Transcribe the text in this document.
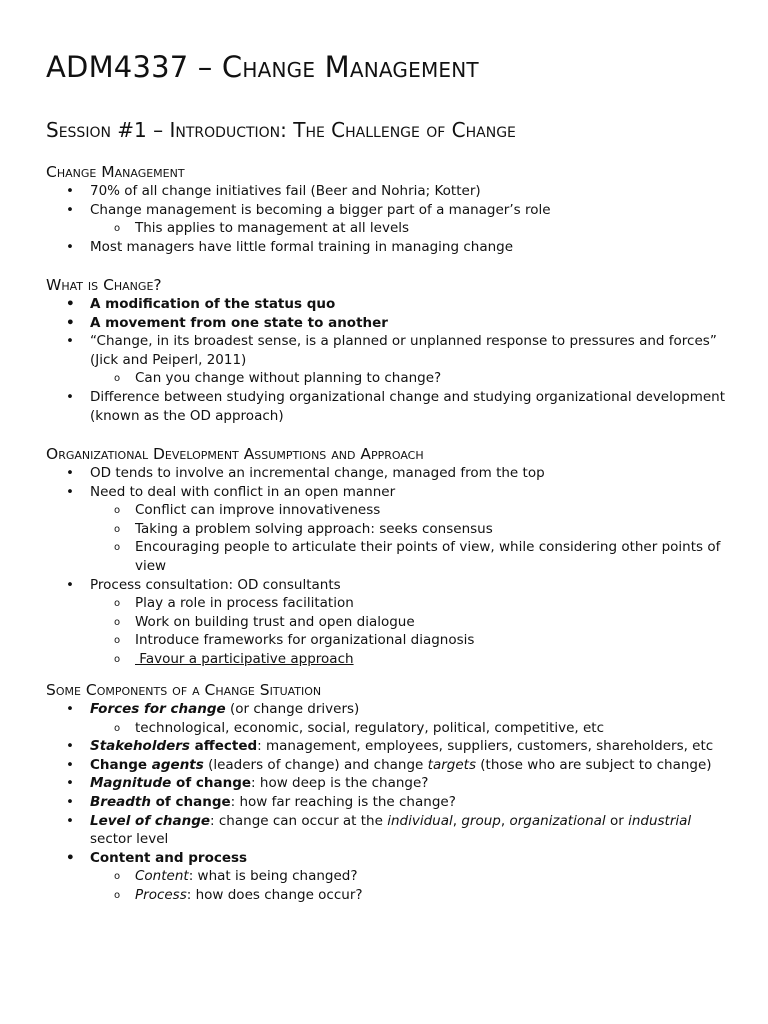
ADM4337 – Change Management
Session #1 – Introduction: The Challenge of Change
Change Management
• 70% of all change initiatives fail (Beer and Nohria; Kotter)
• Change management is becoming a bigger part of a manager’s role
o This applies to management at all levels
• Most managers have little formal training in managing change
What is Change?
• A modification of the status quo
• A movement from one state to another
• “Change, in its broadest sense, is a planned or unplanned response to pressures and forces” (Jick and Peiperl, 2011)
o Can you change without planning to change?
• Difference between studying organizational change and studying organizational development (known as the OD approach)
Organizational Development Assumptions and Approach
• OD tends to involve an incremental change, managed from the top
• Need to deal with conflict in an open manner
o Conflict can improve innovativeness
o Taking a problem solving approach: seeks consensus
o Encouraging people to articulate their points of view, while considering other points of view
• Process consultation: OD consultants
o Play a role in process facilitation
o Work on building trust and open dialogue
o Introduce frameworks for organizational diagnosis
o Favour a participative approach
Some Components of a Change Situation
• Forces for change (or change drivers)
o technological, economic, social, regulatory, political, competitive, etc
• Stakeholders affected: management, employees, suppliers, customers, shareholders, etc
• Change agents (leaders of change) and change targets (those who are subject to change)
• Magnitude of change: how deep is the change?
• Breadth of change: how far reaching is the change?
• Level of change: change can occur at the individual, group, organizational or industrial sector level
• Content and process
o Content: what is being changed?
o Process: how does change occur?
